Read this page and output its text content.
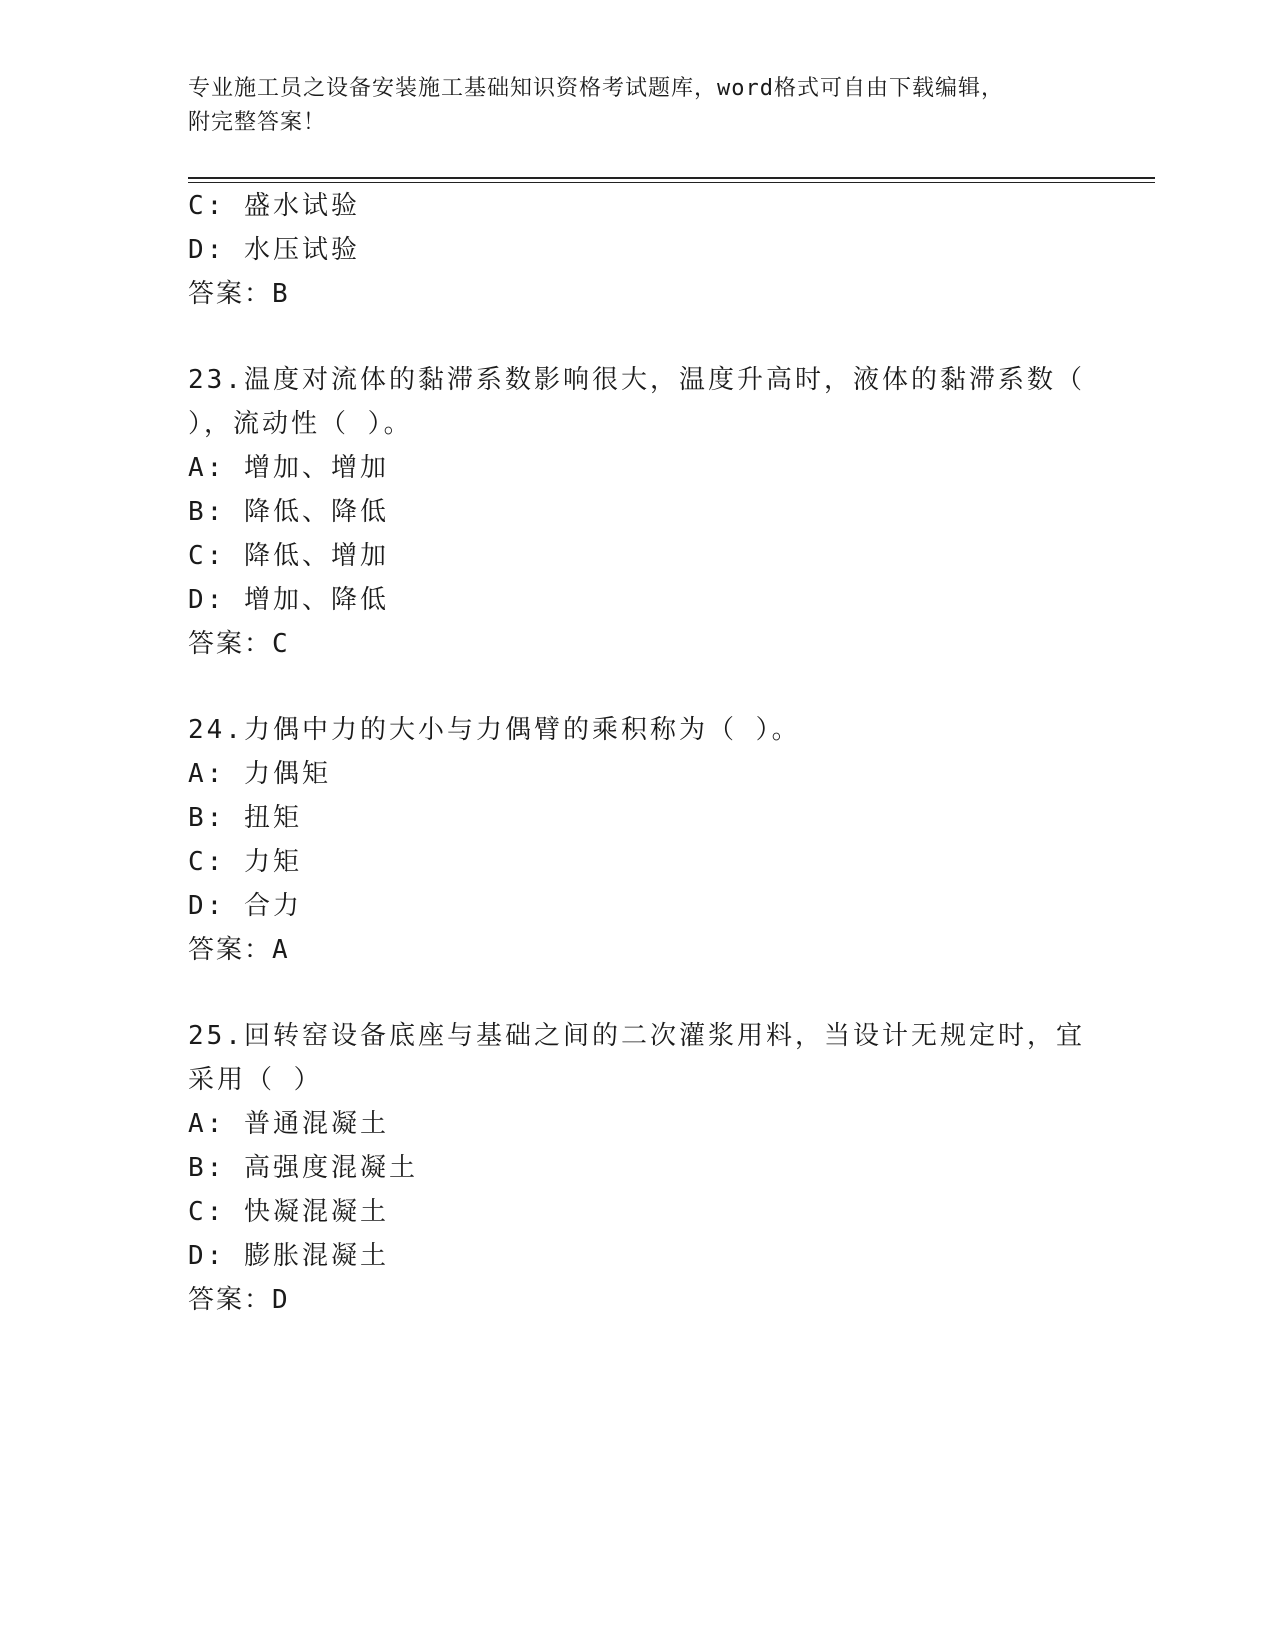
专业施工员之设备安装施工基础知识资格考试题库，word格式可自由下载编辑，
附完整答案！
C: 盛水试验
D: 水压试验
答案：B
23.温度对流体的黏滞系数影响很大，温度升高时，液体的黏滞系数（
），流动性（ ）。
A: 增加、增加
B: 降低、降低
C: 降低、增加
D: 增加、降低
答案：C
24.力偶中力的大小与力偶臂的乘积称为（ ）。
A: 力偶矩
B: 扭矩
C: 力矩
D: 合力
答案：A
25.回转窑设备底座与基础之间的二次灌浆用料，当设计无规定时，宜
采用（ ）
A: 普通混凝土
B: 高强度混凝土
C: 快凝混凝土
D: 膨胀混凝土
答案：D
